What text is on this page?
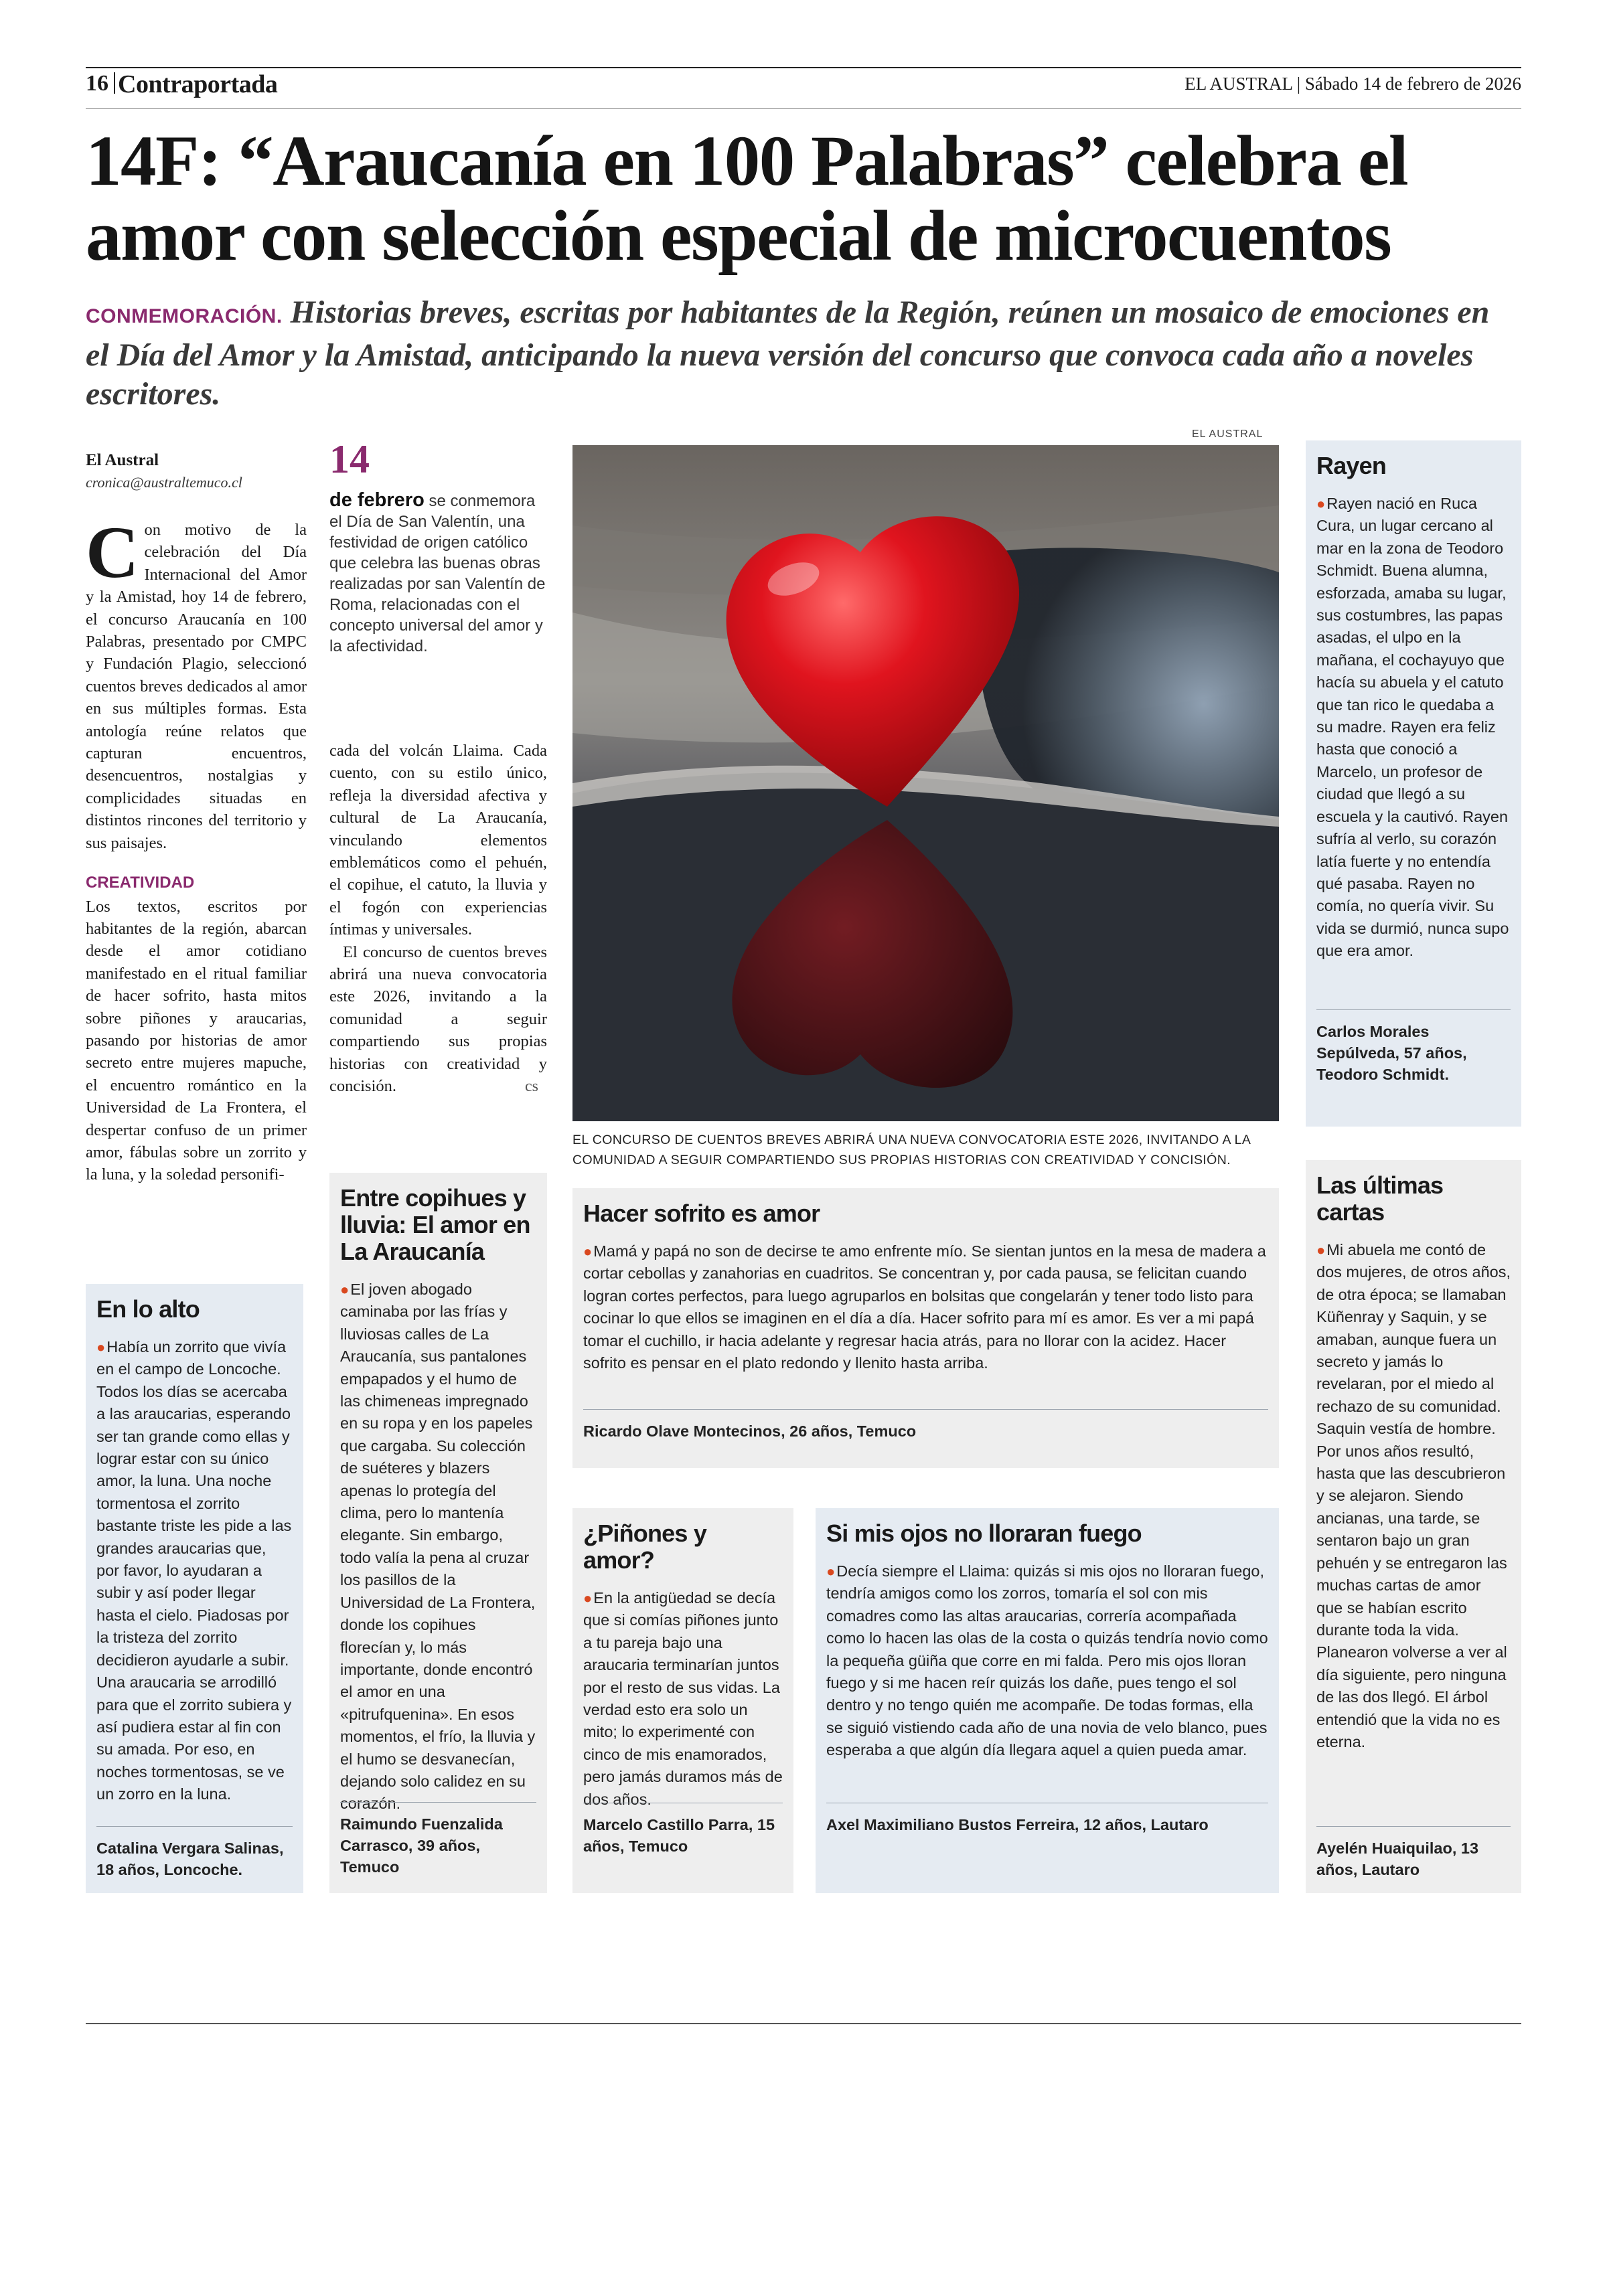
16 Contraportada	EL AUSTRAL | Sábado 14 de febrero de 2026
14F: “Araucanía en 100 Palabras” celebra el amor con selección especial de microcuentos

CONMEMORACIÓN. Historias breves, escritas por habitantes de la Región, reúnen un mosaico de emociones en el Día del Amor y la Amistad, anticipando la nueva versión del concurso que convoca cada año a noveles escritores.

El Austral
cronica@australtemuco.cl
C on motivo de la celebración del Día Internacional del Amor y la Amistad, hoy 14 de febrero, el concurso Araucanía en 100 Palabras, presentado por CMPC y Fundación Plagio, seleccionó cuentos breves dedicados al amor en sus múltiples formas. Esta antología reúne relatos que capturan encuentros, desencuentros, nostalgias y complicidades situadas en distintos rincones del territorio y sus paisajes.
CREATIVIDAD
Los textos, escritos por habitantes de la región, abarcan desde el amor cotidiano manifestado en el ritual familiar de hacer sofrito, hasta mitos sobre piñones y araucarias, pasando por historias de amor secreto entre mujeres mapuche, el encuentro romántico en la Universidad de La Frontera, el despertar confuso de un primer amor, fábulas sobre un zorrito y la luna, y la soledad personifi-
14
de febrero se conmemora el Día de San Valentín, una festividad de origen católico que celebra las buenas obras realizadas por san Valentín de Roma, relacionadas con el concepto universal del amor y la afectividad.

cada del volcán Llaima. Cada cuento, con su estilo único, refleja la diversidad afectiva y cultural de La Araucanía, vinculando elementos emblemáticos como el pehuén, el copihue, el catuto, la lluvia y el fogón con experiencias íntimas y universales.

El concurso de cuentos breves abrirá una nueva convocatoria este 2026, invitando a la comunidad a seguir compartiendo sus propias historias con creatividad y concisión.	cs
EL AUSTRAL

EL CONCURSO DE CUENTOS BREVES ABRIRÁ UNA NUEVA CONVOCATORIA ESTE 2026, INVITANDO A LA COMUNIDAD A SEGUIR COMPARTIENDO SUS PROPIAS HISTORIAS CON CREATIVIDAD Y CONCISIÓN.

Rayen
●Rayen nació en Ruca Cura, un lugar cercano al mar en la zona de Teodoro Schmidt. Buena alumna, esforzada, amaba su lugar, sus costumbres, las papas asadas, el ulpo en la mañana, el cochayuyo que hacía su abuela y el catuto que tan rico le quedaba a su madre. Rayen era feliz hasta que conoció a Marcelo, un profesor de ciudad que llegó a su escuela y la cautivó. Rayen sufría al verlo, su corazón latía fuerte y no entendía qué pasaba. Rayen no comía, no quería vivir. Su vida se durmió, nunca supo que era amor.
Carlos Morales Sepúlveda, 57 años, Teodoro Schmidt.
Las últimas cartas
●Mi abuela me contó de dos mujeres, de otros años, de otra época; se llamaban Küñenray y Saquin, y se amaban, aunque fuera un secreto y jamás lo revelaran, por el miedo al rechazo de su comunidad. Saquin vestía de hombre. Por unos años resultó, hasta que las descubrieron y se alejaron. Siendo ancianas, una tarde, se sentaron bajo un gran pehuén y se entregaron las muchas cartas de amor que se habían escrito durante toda la vida. Planearon volverse a ver al día siguiente, pero ninguna de las dos llegó. El árbol entendió que la vida no es eterna.
Ayelén Huaiquilao, 13 años, Lautaro
En lo alto
●Había un zorrito que vivía en el campo de Loncoche. Todos los días se acercaba a las araucarias, esperando ser tan grande como ellas y lograr estar con su único amor, la luna. Una noche tormentosa el zorrito bastante triste les pide a las grandes araucarias que, por favor, lo ayudaran a subir y así poder llegar hasta el cielo. Piadosas por la tristeza del zorrito decidieron ayudarle a subir. Una araucaria se arrodilló para que el zorrito subiera y así pudiera estar al fin con su amada. Por eso, en noches tormentosas, se ve un zorro en la luna.
Catalina Vergara Salinas, 18 años, Loncoche.
Entre copihues y lluvia: El amor en La Araucanía
●El joven abogado caminaba por las frías y lluviosas calles de La Araucanía, sus pantalones empapados y el humo de las chimeneas impregnado en su ropa y en los papeles que cargaba. Su colección de suéteres y blazers apenas lo protegía del clima, pero lo mantenía elegante. Sin embargo, todo valía la pena al cruzar los pasillos de la Universidad de La Frontera, donde los copihues florecían y, lo más importante, donde encontró el amor en una «pitrufquenina». En esos momentos, el frío, la lluvia y el humo se desvanecían, dejando solo calidez en su corazón.
Raimundo Fuenzalida Carrasco, 39 años, Temuco
Hacer sofrito es amor
●Mamá y papá no son de decirse te amo enfrente mío. Se sientan juntos en la mesa de madera a cortar cebollas y zanahorias en cuadritos. Se concentran y, por cada pausa, se felicitan cuando logran cortes perfectos, para luego agruparlos en bolsitas que congelarán y tener todo listo para cocinar lo que ellos se imaginen en el día a día. Hacer sofrito para mí es amor. Es ver a mi papá tomar el cuchillo, ir hacia adelante y regresar hacia atrás, para no llorar con la acidez. Hacer sofrito es pensar en el plato redondo y llenito hasta arriba.
Ricardo Olave Montecinos, 26 años, Temuco
¿Piñones y amor?
●En la antigüedad se decía que si comías piñones junto a tu pareja bajo una araucaria terminarían juntos por el resto de sus vidas. La verdad esto era solo un mito; lo experimenté con cinco de mis enamorados, pero jamás duramos más de dos años.
Marcelo Castillo Parra, 15 años, Temuco
Si mis ojos no lloraran fuego
●Decía siempre el Llaima: quizás si mis ojos no lloraran fuego, tendría amigos como los zorros, tomaría el sol con mis comadres como las altas araucarias, correría acompañada como lo hacen las olas de la costa o quizás tendría novio como la pequeña güiña que corre en mi falda. Pero mis ojos lloran fuego y si me hacen reír quizás los dañe, pues tengo el sol dentro y no tengo quién me acompañe. De todas formas, ella se siguió vistiendo cada año de una novia de velo blanco, pues esperaba a que algún día llegara aquel a quien pueda amar.
Axel Maximiliano Bustos Ferreira, 12 años, Lautaro
